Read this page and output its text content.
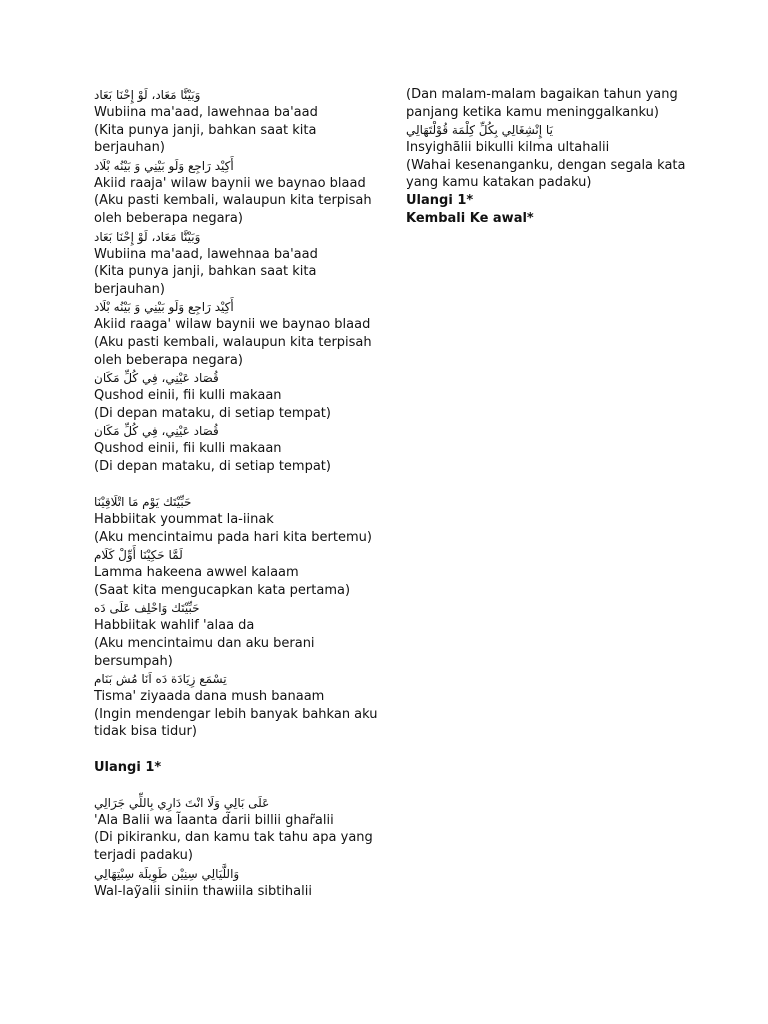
وَبَيْنَّا مَعَاد، لَوْ إِحْنَا بَعَاد
Wubiina ma'aad, lawehnaa ba'aad
(Kita punya janji, bahkan saat kita berjauhan)
أَكِيْد رَاجِع وَلَو بَيْنِي وَ بَيْنُه بْلَاد
Akiid raaja' wilaw baynii we baynao blaad
(Aku pasti kembali, walaupun kita terpisah oleh beberapa negara)
وَبَيْنَّا مَعَاد، لَوْ إِحْنَا بَعَاد
Wubiina ma'aad, lawehnaa ba'aad
(Kita punya janji, bahkan saat kita berjauhan)
أَكِيْد رَاجِع وَلَو بَيْنِي وَ بَيْنُه بْلَاد
Akiid raaga' wilaw baynii we baynao blaad
(Aku pasti kembali, walaupun kita terpisah oleh beberapa negara)
قُصَاد عَيْنِي، فِي كُلِّ مَكَان
Qushod einii, fii kulli makaan
(Di depan mataku, di setiap tempat)
قُصَاد عَيْنِي، فِي كُلِّ مَكَان
Qushod einii, fii kulli makaan
(Di depan mataku, di setiap tempat)
حَبِّيْتَك يَوْم مَا اتْلَاقِيْنَا
Habbiitak yoummat la-iinak
(Aku mencintaimu pada hari kita bertemu)
لَمَّا حَكِيْنَا أَوِّلْ كَلَام
Lamma hakeena awwel kalaam
(Saat kita mengucapkan kata pertama)
حَبِّيْتَك وَاحْلِف عَلَى دَه
Habbiitak wahlif 'alaa da
(Aku mencintaimu dan aku berani bersumpah)
تِسْمَع زِيَادَة دَه اَنَا مُش بَنَام
Tisma' ziyaada dana mush banaam
(Ingin mendengar lebih banyak bahkan aku tidak bisa tidur)
Ulangi 1*
عَلَى بَالِي وَلَا انْتَ دَارِي بِاللِّي جَرَالِي
'Ala Balii wa l̃aanta d̃arii billii ghar̃alii
(Di pikiranku, dan kamu tak tahu apa yang terjadi padaku)
وَاللَّيَالِي سِنِيْن طَوِيلَة سِبْتِهَالِي
Wal-laỹalii siniin thawiila sibtihalii
(Dan malam-malam bagaikan tahun yang panjang ketika kamu meninggalkanku)
يَا إِنْشِغَالِي بِكُلِّ كِلْمَة قُوْلْتَهَالِي
Insyighãlii bikulli kilma ultahalii
(Wahai kesenanganku, dengan segala kata yang kamu katakan padaku)
Ulangi 1*
Kembali Ke awal*
